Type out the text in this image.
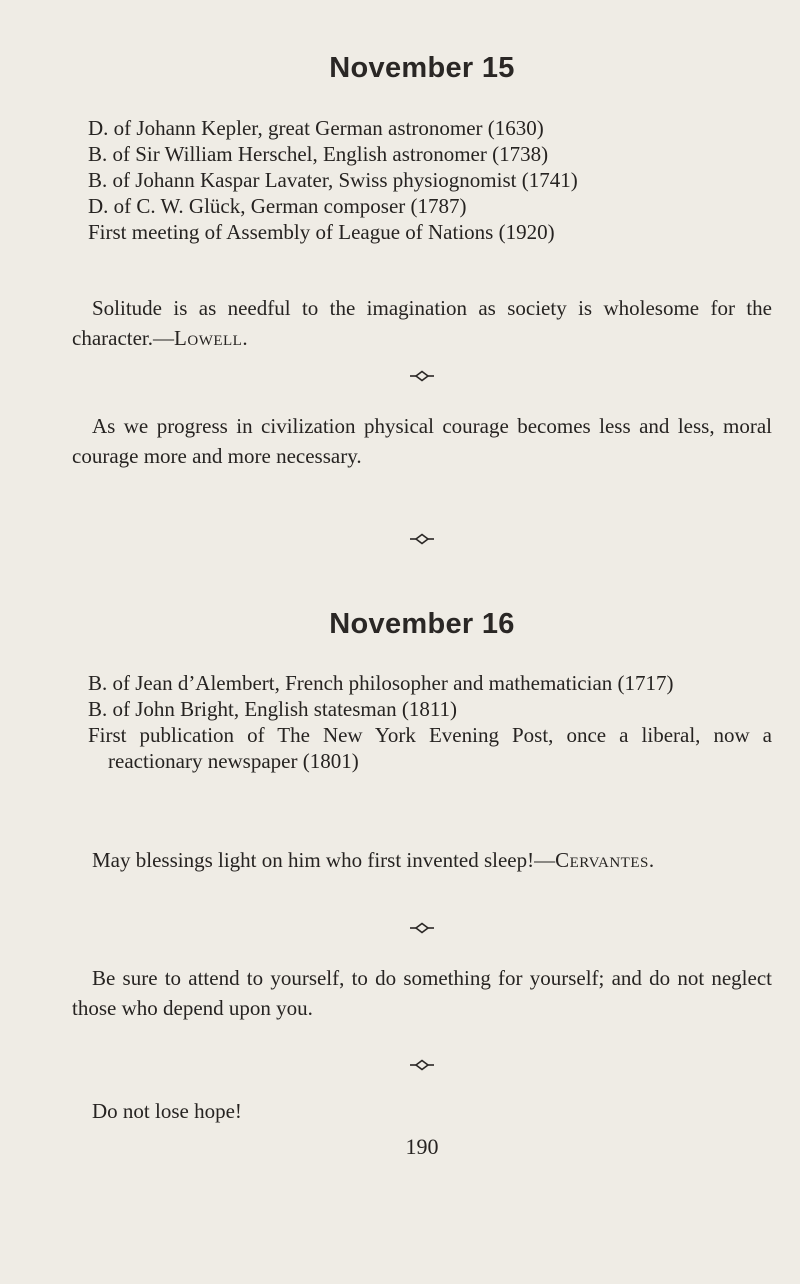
November 15
D. of Johann Kepler, great German astronomer (1630)
B. of Sir William Herschel, English astronomer (1738)
B. of Johann Kaspar Lavater, Swiss physiognomist (1741)
D. of C. W. Glück, German composer (1787)
First meeting of Assembly of League of Nations (1920)

Solitude is as needful to the imagination as society is wholesome for the character.—Lowell.

As we progress in civilization physical courage becomes less and less, moral courage more and more necessary.

November 16
B. of Jean d’Alembert, French philosopher and mathematician (1717)
B. of John Bright, English statesman (1811)
First publication of The New York Evening Post, once a liberal, now a reactionary newspaper (1801)

May blessings light on him who first invented sleep!—Cervantes.

Be sure to attend to yourself, to do something for yourself; and do not neglect those who depend upon you.

Do not lose hope!

190
